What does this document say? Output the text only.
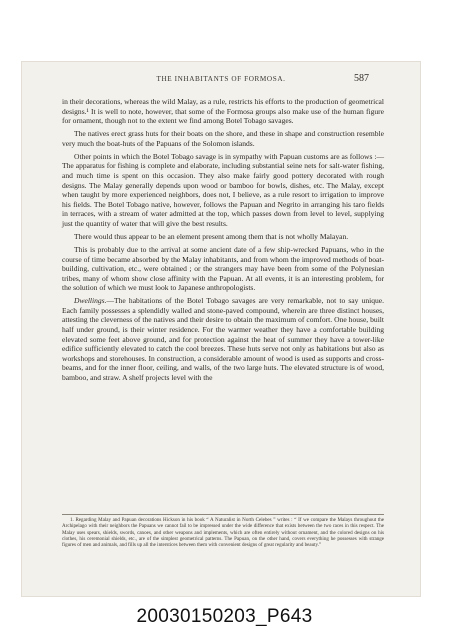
THE INHABITANTS OF FORMOSA.	587

in their decorations, whereas the wild Malay, as a rule, restricts his efforts to the production of geometrical designs.¹ It is well to note, however, that some of the Formosa groups also make use of the human figure for ornament, though not to the extent we find among Botel Tobago savages.

The natives erect grass huts for their boats on the shore, and these in shape and construction resemble very much the boat-huts of the Papuans of the Solomon islands.

Other points in which the Botel Tobago savage is in sympathy with Papuan customs are as follows :—The apparatus for fishing is complete and elaborate, including substantial seine nets for salt-water fishing, and much time is spent on this occasion. They also make fairly good pottery decorated with rough designs. The Malay generally depends upon wood or bamboo for bowls, dishes, etc. The Malay, except when taught by more experienced neighbors, does not, I believe, as a rule resort to irrigation to improve his fields. The Botel Tobago native, however, follows the Papuan and Negrito in arranging his taro fields in terraces, with a stream of water admitted at the top, which passes down from level to level, supplying just the quantity of water that will give the best results.

There would thus appear to be an element present among them that is not wholly Malayan.

This is probably due to the arrival at some ancient date of a few ship-wrecked Papuans, who in the course of time became absorbed by the Malay inhabitants, and from whom the improved methods of boat-building, cultivation, etc., were obtained ; or the strangers may have been from some of the Polynesian tribes, many of whom show close affinity with the Papuan. At all events, it is an interesting problem, for the solution of which we must look to Japanese anthropologists.

Dwellings.—The habitations of the Botel Tobago savages are very remarkable, not to say unique. Each family possesses a splendidly walled and stone-paved compound, wherein are three distinct houses, attesting the cleverness of the natives and their desire to obtain the maximum of comfort. One house, built half under ground, is their winter residence. For the warmer weather they have a comfortable building elevated some feet above ground, and for protection against the heat of summer they have a tower-like edifice sufficiently elevated to catch the cool breezes. These huts serve not only as habitations but also as workshops and storehouses. In construction, a considerable amount of wood is used as supports and cross-beams, and for the inner floor, ceiling, and walls, of the two large huts. The elevated structure is of wood, bamboo, and straw. A shelf projects level with the

1. Regarding Malay and Papuan decorations Hickson in his book “ A Naturalist in North Celebes ” writes : “ If we compare the Malays throughout the Archipelago with their neighbors the Papuans we cannot fail to be impressed under the wide difference that exists between the two races in this respect. The Malay uses spears, shields, swords, canoes, and other weapons and implements, which are often entirely without ornament, and the colored designs on his clothes, his ceremonial shields, etc., are of the simplest geometrical patterns. The Papuan, on the other hand, covers everything he possesses with strange figures of men and animals, and fills up all the interstices between them with convenient designs of great regularity and beauty.”

20030150203_P643
